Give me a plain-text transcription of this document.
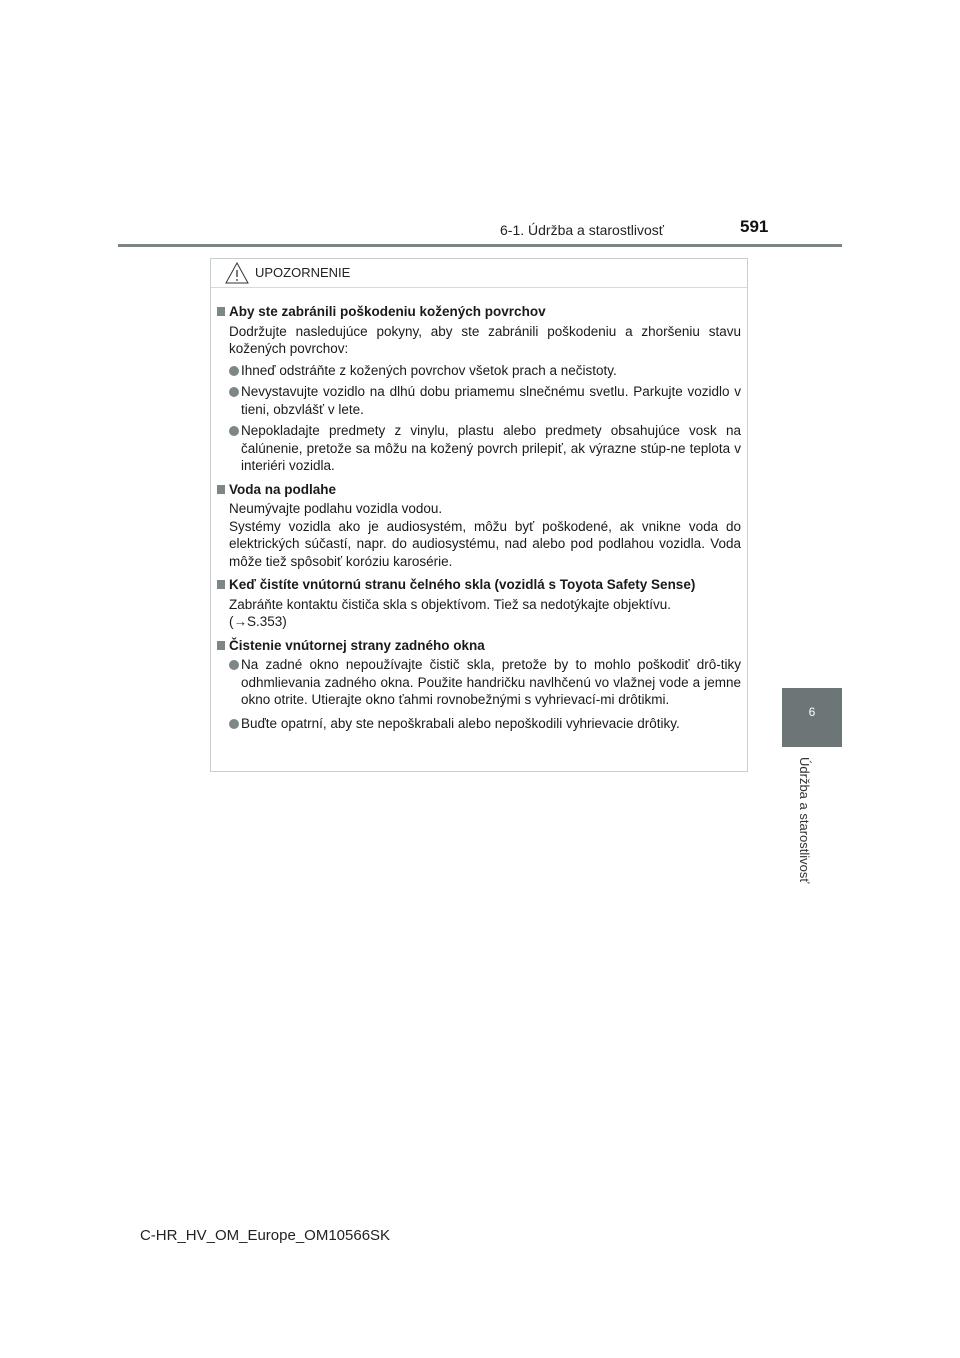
6-1. Údržba a starostlivosť	591
6
Údržba a starostlivosť
UPOZORNENIE
Aby ste zabránili poškodeniu kožených povrchov
Dodržujte nasledujúce pokyny, aby ste zabránili poškodeniu a zhoršeniu stavu kožených povrchov:
Ihneď odstráňte z kožených povrchov všetok prach a nečistoty.
Nevystavujte vozidlo na dlhú dobu priamemu slnečnému svetlu. Parkujte vozidlo v tieni, obzvlášť v lete.
Nepokladajte predmety z vinylu, plastu alebo predmety obsahujúce vosk na čalúnenie, pretože sa môžu na kožený povrch prilepiť, ak výrazne stúp-ne teplota v interiéri vozidla.
Voda na podlahe
Neumývajte podlahu vozidla vodou.
Systémy vozidla ako je audiosystém, môžu byť poškodené, ak vnikne voda do elektrických súčastí, napr. do audiosystému, nad alebo pod podlahou vozidla. Voda môže tiež spôsobiť koróziu karosérie.
Keď čistíte vnútornú stranu čelného skla (vozidlá s Toyota Safety Sense)
Zabráňte kontaktu čističa skla s objektívom. Tiež sa nedotýkajte objektívu.
(→S.353)
Čistenie vnútornej strany zadného okna
Na zadné okno nepoužívajte čistič skla, pretože by to mohlo poškodiť drô-tiky odhmlievania zadného okna. Použite handričku navlhčenú vo vlažnej vode a jemne okno otrite. Utierajte okno ťahmi rovnobežnými s vyhrievací-mi drôtikmi.
Buďte opatrní, aby ste nepoškrabali alebo nepoškodili vyhrievacie drôtiky.
C-HR_HV_OM_Europe_OM10566SK
